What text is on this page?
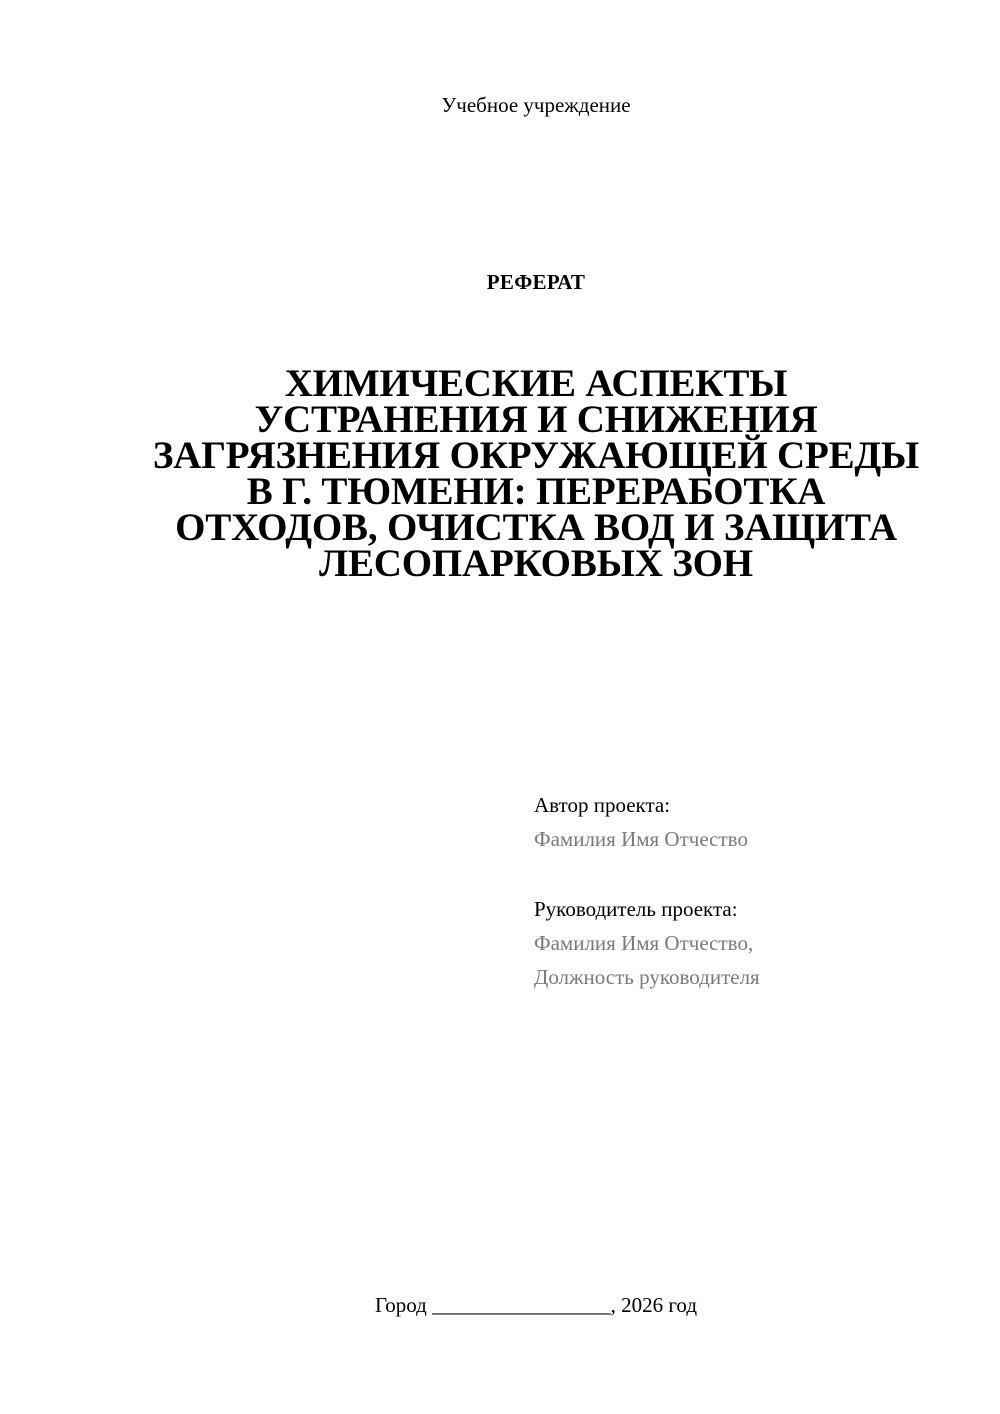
Учебное учреждение
РЕФЕРАТ
ХИМИЧЕСКИЕ АСПЕКТЫ
УСТРАНЕНИЯ И СНИЖЕНИЯ
ЗАГРЯЗНЕНИЯ ОКРУЖАЮЩЕЙ СРЕДЫ
В Г. ТЮМЕНИ: ПЕРЕРАБОТКА
ОТХОДОВ, ОЧИСТКА ВОД И ЗАЩИТА
ЛЕСОПАРКОВЫХ ЗОН
Автор проекта:
Фамилия Имя Отчество
Руководитель проекта:
Фамилия Имя Отчество,
Должность руководителя
Город _________________, 2026 год
